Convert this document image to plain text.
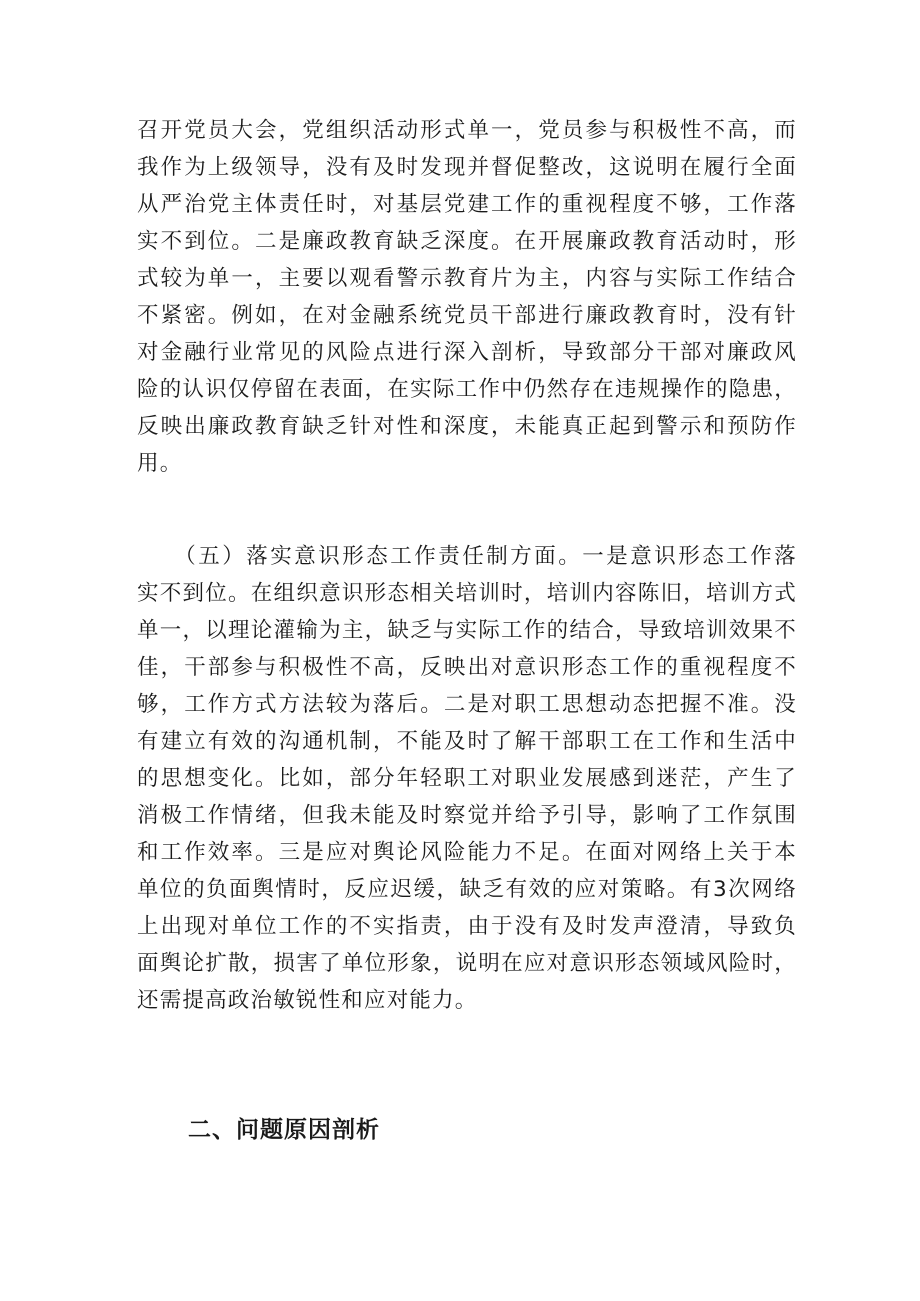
召开党员大会，党组织活动形式单一，党员参与积极性不高，而
我作为上级领导，没有及时发现并督促整改，这说明在履行全面
从严治党主体责任时，对基层党建工作的重视程度不够，工作落
实不到位。二是廉政教育缺乏深度。在开展廉政教育活动时，形
式较为单一，主要以观看警示教育片为主，内容与实际工作结合
不紧密。例如，在对金融系统党员干部进行廉政教育时，没有针
对金融行业常见的风险点进行深入剖析，导致部分干部对廉政风
险的认识仅停留在表面，在实际工作中仍然存在违规操作的隐患，
反映出廉政教育缺乏针对性和深度，未能真正起到警示和预防作
用。
　　（五）落实意识形态工作责任制方面。一是意识形态工作落
实不到位。在组织意识形态相关培训时，培训内容陈旧，培训方式
单一，以理论灌输为主，缺乏与实际工作的结合，导致培训效果不
佳，干部参与积极性不高，反映出对意识形态工作的重视程度不
够，工作方式方法较为落后。二是对职工思想动态把握不准。没
有建立有效的沟通机制，不能及时了解干部职工在工作和生活中
的思想变化。比如，部分年轻职工对职业发展感到迷茫，产生了
消极工作情绪，但我未能及时察觉并给予引导，影响了工作氛围
和工作效率。三是应对舆论风险能力不足。在面对网络上关于本
单位的负面舆情时，反应迟缓，缺乏有效的应对策略。有3次网络
上出现对单位工作的不实指责，由于没有及时发声澄清，导致负
面舆论扩散，损害了单位形象，说明在应对意识形态领域风险时，
还需提高政治敏锐性和应对能力。
二、问题原因剖析
